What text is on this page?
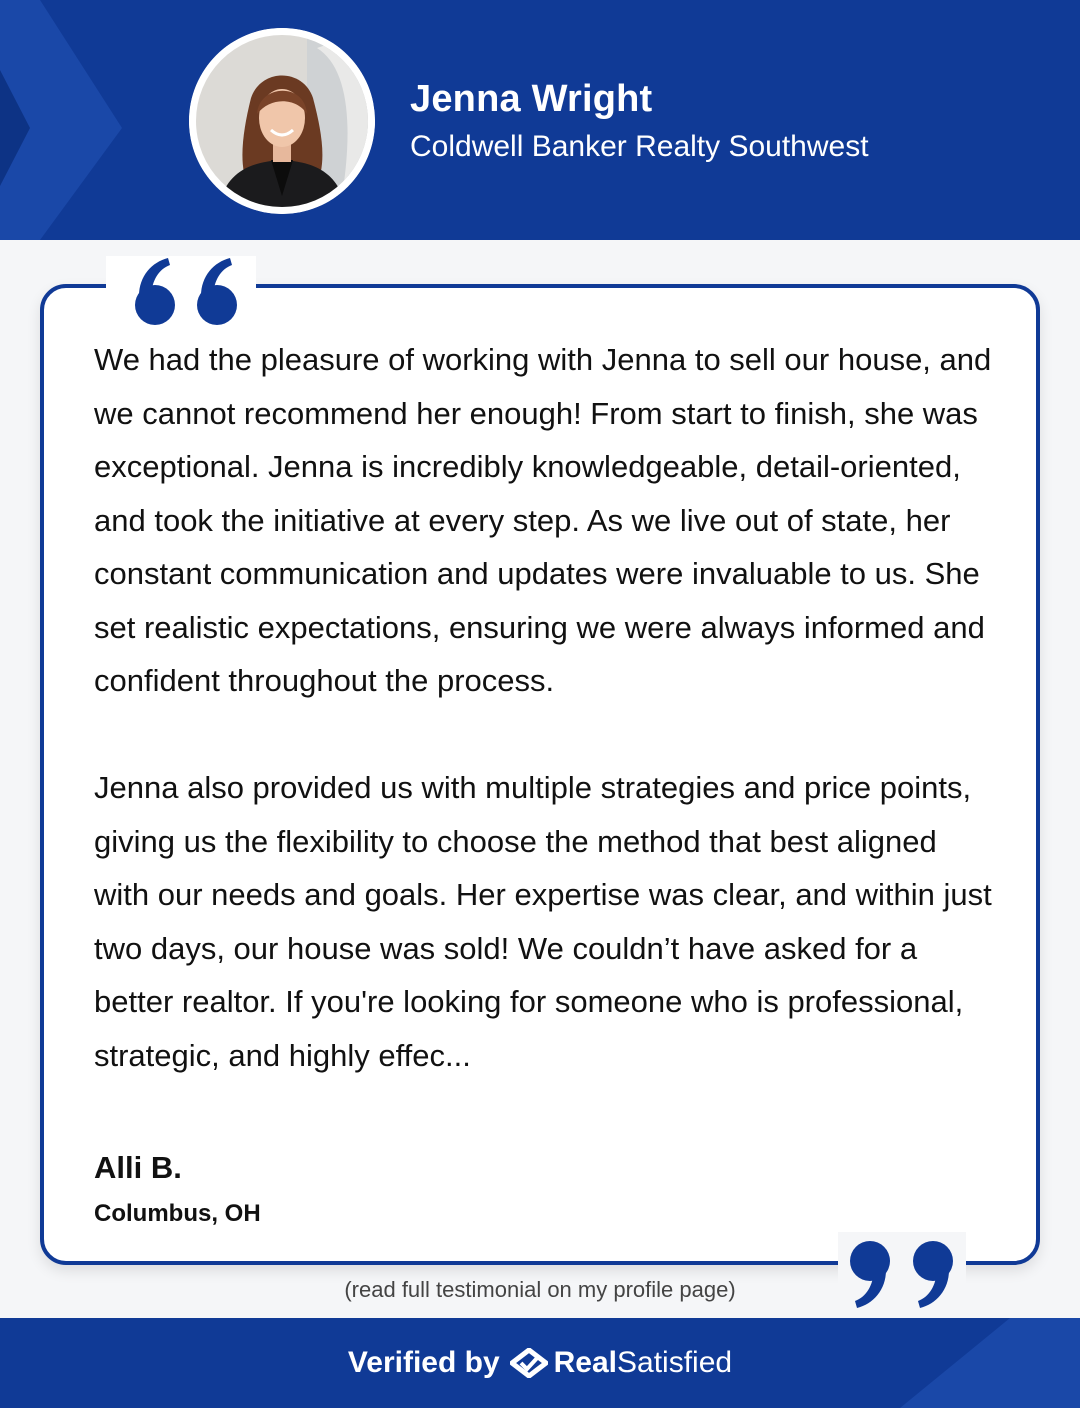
Jenna Wright
Coldwell Banker Realty Southwest

We had the pleasure of working with Jenna to sell our house, and we cannot recommend her enough! From start to finish, she was exceptional. Jenna is incredibly knowledgeable, detail-oriented, and took the initiative at every step. As we live out of state, her constant communication and updates were invaluable to us. She set realistic expectations, ensuring we were always informed and confident throughout the process.

Jenna also provided us with multiple strategies and price points, giving us the flexibility to choose the method that best aligned with our needs and goals. Her expertise was clear, and within just two days, our house was sold! We couldn’t have asked for a better realtor. If you're looking for someone who is professional, strategic, and highly effec...

Alli B.
Columbus, OH
(read full testimonial on my profile page)
Verified by Real Satisfied
